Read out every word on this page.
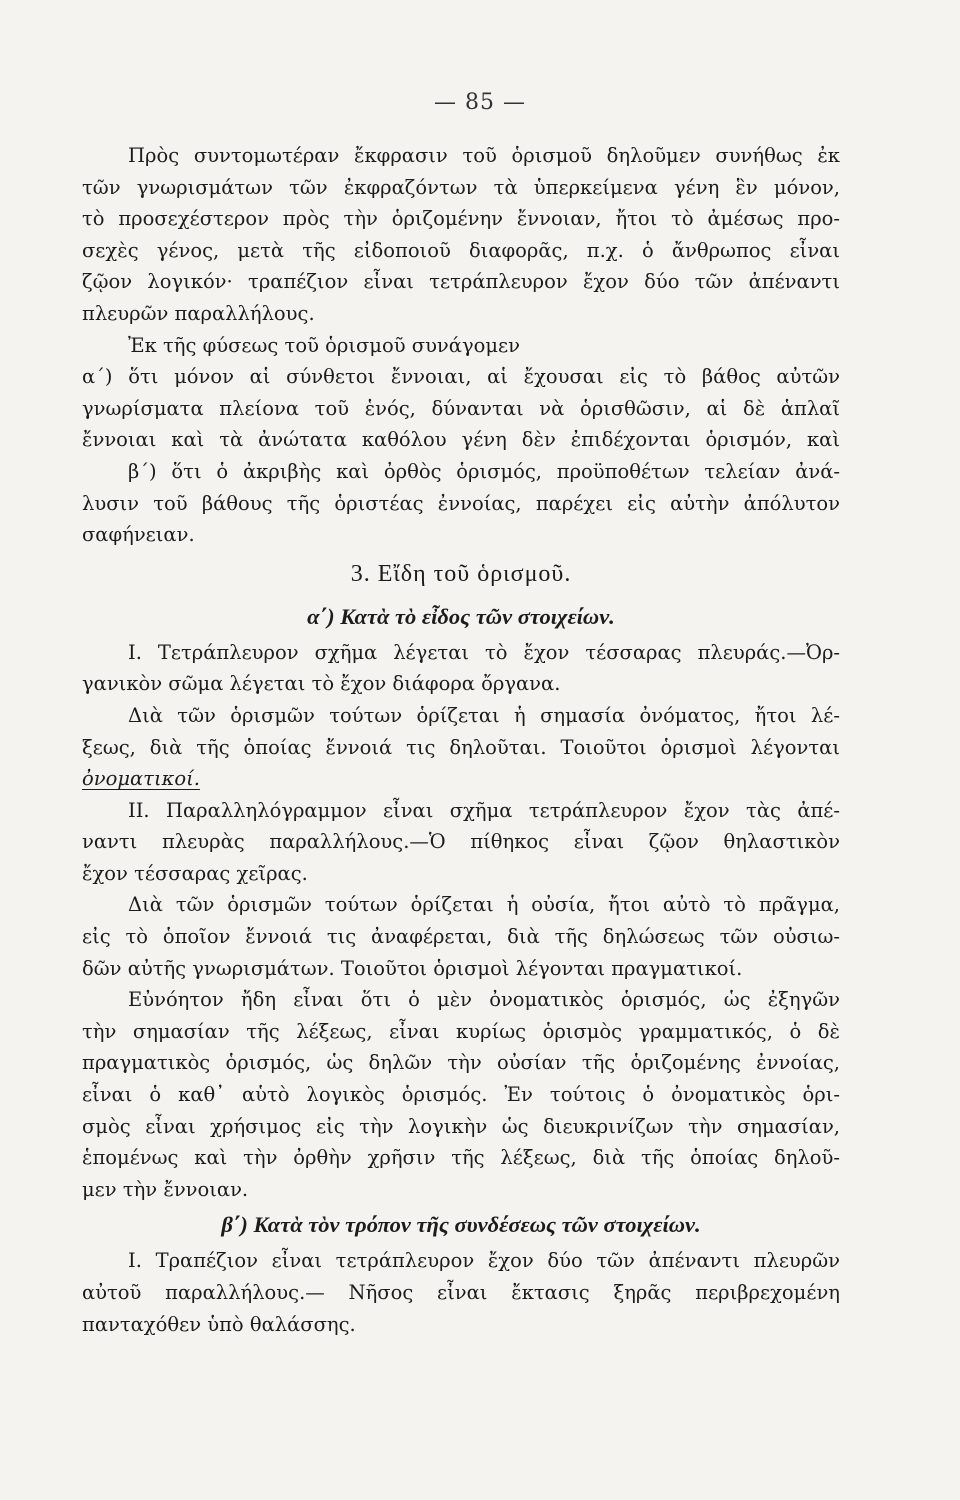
— 85 —
Πρὸς συντομωτέραν ἔκφρασιν τοῦ ὁρισμοῦ δηλοῦμεν συνήθως ἐκ
τῶν γνωρισμάτων τῶν ἐκφραζόντων τὰ ὑπερκείμενα γένη ἓν μόνον,
τὸ προσεχέστερον πρὸς τὴν ὁριζομένην ἔννοιαν, ἤτοι τὸ ἀμέσως προ-
σεχὲς γένος, μετὰ τῆς εἰδοποιοῦ διαφορᾶς, π.χ. ὁ ἄνθρωπος εἶναι
ζῷον λογικόν· τραπέζιον εἶναι τετράπλευρον ἔχον δύο τῶν ἀπέναντι
πλευρῶν παραλλήλους.
Ἐκ τῆς φύσεως τοῦ ὁρισμοῦ συνάγομεν
α΄) ὅτι μόνον αἱ σύνθετοι ἔννοιαι, αἱ ἔχουσαι εἰς τὸ βάθος αὐτῶν
γνωρίσματα πλείονα τοῦ ἑνός, δύνανται νὰ ὁρισθῶσιν, αἱ δὲ ἁπλαῖ
ἔννοιαι καὶ τὰ ἀνώτατα καθόλου γένη δὲν ἐπιδέχονται ὁρισμόν, καὶ
β΄) ὅτι ὁ ἀκριβὴς καὶ ὀρθὸς ὁρισμός, προϋποθέτων τελείαν ἀνά-
λυσιν τοῦ βάθους τῆς ὁριστέας ἐννοίας, παρέχει εἰς αὐτὴν ἀπόλυτον
σαφήνειαν.
3. Εἴδη τοῦ ὁρισμοῦ.
α΄) Κατὰ τὸ εἶδος τῶν στοιχείων.
I. Τετράπλευρον σχῆμα λέγεται τὸ ἔχον τέσσαρας πλευράς.—Ὀρ-
γανικὸν σῶμα λέγεται τὸ ἔχον διάφορα ὄργανα.
Διὰ τῶν ὁρισμῶν τούτων ὁρίζεται ἡ σημασία ὀνόματος, ἤτοι λέ-
ξεως, διὰ τῆς ὁποίας ἔννοιά τις δηλοῦται. Τοιοῦτοι ὁρισμοὶ λέγονται
ὀνοματικοί.
II. Παραλληλόγραμμον εἶναι σχῆμα τετράπλευρον ἔχον τὰς ἀπέ-
ναντι πλευρὰς παραλλήλους.—Ὁ πίθηκος εἶναι ζῷον θηλαστικὸν
ἔχον τέσσαρας χεῖρας.
Διὰ τῶν ὁρισμῶν τούτων ὁρίζεται ἡ οὐσία, ἤτοι αὐτὸ τὸ πρᾶγμα,
εἰς τὸ ὁποῖον ἔννοιά τις ἀναφέρεται, διὰ τῆς δηλώσεως τῶν οὐσιω-
δῶν αὐτῆς γνωρισμάτων. Τοιοῦτοι ὁρισμοὶ λέγονται πραγματικοί.
Εὐνόητον ἤδη εἶναι ὅτι ὁ μὲν ὀνοματικὸς ὁρισμός, ὡς ἐξηγῶν
τὴν σημασίαν τῆς λέξεως, εἶναι κυρίως ὁρισμὸς γραμματικός, ὁ δὲ
πραγματικὸς ὁρισμός, ὡς δηλῶν τὴν οὐσίαν τῆς ὁριζομένης ἐννοίας,
εἶναι ὁ καθ᾽ αὑτὸ λογικὸς ὁρισμός. Ἐν τούτοις ὁ ὀνοματικὸς ὁρι-
σμὸς εἶναι χρήσιμος εἰς τὴν λογικὴν ὡς διευκρινίζων τὴν σημασίαν,
ἑπομένως καὶ τὴν ὀρθὴν χρῆσιν τῆς λέξεως, διὰ τῆς ὁποίας δηλοῦ-
μεν τὴν ἔννοιαν.
β΄) Κατὰ τὸν τρόπον τῆς συνδέσεως τῶν στοιχείων.
I. Τραπέζιον εἶναι τετράπλευρον ἔχον δύο τῶν ἀπέναντι πλευρῶν
αὐτοῦ παραλλήλους.— Νῆσος εἶναι ἔκτασις ξηρᾶς περιβρεχομένη
πανταχόθεν ὑπὸ θαλάσσης.
